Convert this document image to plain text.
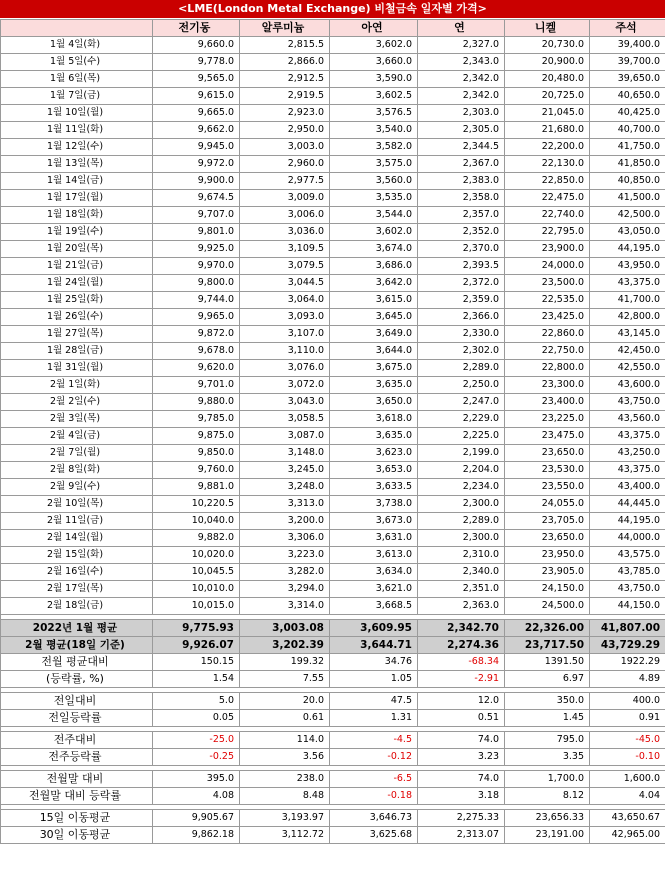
<LME(London Metal Exchange) 비철금속 일자별 가격>
	전기동	알루미늄	아연	연	니켈	주석
1월 4일(화)	9,660.0	2,815.5	3,602.0	2,327.0	20,730.0	39,400.0
1월 5일(수)	9,778.0	2,866.0	3,660.0	2,343.0	20,900.0	39,700.0
1월 6일(목)	9,565.0	2,912.5	3,590.0	2,342.0	20,480.0	39,650.0
1월 7일(금)	9,615.0	2,919.5	3,602.5	2,342.0	20,725.0	40,650.0
1월 10일(월)	9,665.0	2,923.0	3,576.5	2,303.0	21,045.0	40,425.0
1월 11일(화)	9,662.0	2,950.0	3,540.0	2,305.0	21,680.0	40,700.0
1월 12일(수)	9,945.0	3,003.0	3,582.0	2,344.5	22,200.0	41,750.0
1월 13일(목)	9,972.0	2,960.0	3,575.0	2,367.0	22,130.0	41,850.0
1월 14일(금)	9,900.0	2,977.5	3,560.0	2,383.0	22,850.0	40,850.0
1월 17일(월)	9,674.5	3,009.0	3,535.0	2,358.0	22,475.0	41,500.0
1월 18일(화)	9,707.0	3,006.0	3,544.0	2,357.0	22,740.0	42,500.0
1월 19일(수)	9,801.0	3,036.0	3,602.0	2,352.0	22,795.0	43,050.0
1월 20일(목)	9,925.0	3,109.5	3,674.0	2,370.0	23,900.0	44,195.0
1월 21일(금)	9,970.0	3,079.5	3,686.0	2,393.5	24,000.0	43,950.0
1월 24일(월)	9,800.0	3,044.5	3,642.0	2,372.0	23,500.0	43,375.0
1월 25일(화)	9,744.0	3,064.0	3,615.0	2,359.0	22,535.0	41,700.0
1월 26일(수)	9,965.0	3,093.0	3,645.0	2,366.0	23,425.0	42,800.0
1월 27일(목)	9,872.0	3,107.0	3,649.0	2,330.0	22,860.0	43,145.0
1월 28일(금)	9,678.0	3,110.0	3,644.0	2,302.0	22,750.0	42,450.0
1월 31일(월)	9,620.0	3,076.0	3,675.0	2,289.0	22,800.0	42,550.0
2월 1일(화)	9,701.0	3,072.0	3,635.0	2,250.0	23,300.0	43,600.0
2월 2일(수)	9,880.0	3,043.0	3,650.0	2,247.0	23,400.0	43,750.0
2월 3일(목)	9,785.0	3,058.5	3,618.0	2,229.0	23,225.0	43,560.0
2월 4일(금)	9,875.0	3,087.0	3,635.0	2,225.0	23,475.0	43,375.0
2월 7일(월)	9,850.0	3,148.0	3,623.0	2,199.0	23,650.0	43,250.0
2월 8일(화)	9,760.0	3,245.0	3,653.0	2,204.0	23,530.0	43,375.0
2월 9일(수)	9,881.0	3,248.0	3,633.5	2,234.0	23,550.0	43,400.0
2월 10일(목)	10,220.5	3,313.0	3,738.0	2,300.0	24,055.0	44,445.0
2월 11일(금)	10,040.0	3,200.0	3,673.0	2,289.0	23,705.0	44,195.0
2월 14일(월)	9,882.0	3,306.0	3,631.0	2,300.0	23,650.0	44,000.0
2월 15일(화)	10,020.0	3,223.0	3,613.0	2,310.0	23,950.0	43,575.0
2월 16일(수)	10,045.5	3,282.0	3,634.0	2,340.0	23,905.0	43,785.0
2월 17일(목)	10,010.0	3,294.0	3,621.0	2,351.0	24,150.0	43,750.0
2월 18일(금)	10,015.0	3,314.0	3,668.5	2,363.0	24,500.0	44,150.0

2022년 1월 평균	9,775.93	3,003.08	3,609.95	2,342.70	22,326.00	41,807.00
2월 평균(18일 기준)	9,926.07	3,202.39	3,644.71	2,274.36	23,717.50	43,729.29
전월 평균대비	150.15	199.32	34.76	-68.34	1391.50	1922.29
(등락률, %)	1.54	7.55	1.05	-2.91	6.97	4.89

전일대비	5.0	20.0	47.5	12.0	350.0	400.0
전일등락률	0.05	0.61	1.31	0.51	1.45	0.91

전주대비	-25.0	114.0	-4.5	74.0	795.0	-45.0
전주등락률	-0.25	3.56	-0.12	3.23	3.35	-0.10

전월말 대비	395.0	238.0	-6.5	74.0	1,700.0	1,600.0
전월말 대비 등락률	4.08	8.48	-0.18	3.18	8.12	4.04

15일 이동평균	9,905.67	3,193.97	3,646.73	2,275.33	23,656.33	43,650.67
30일 이동평균	9,862.18	3,112.72	3,625.68	2,313.07	23,191.00	42,965.00
